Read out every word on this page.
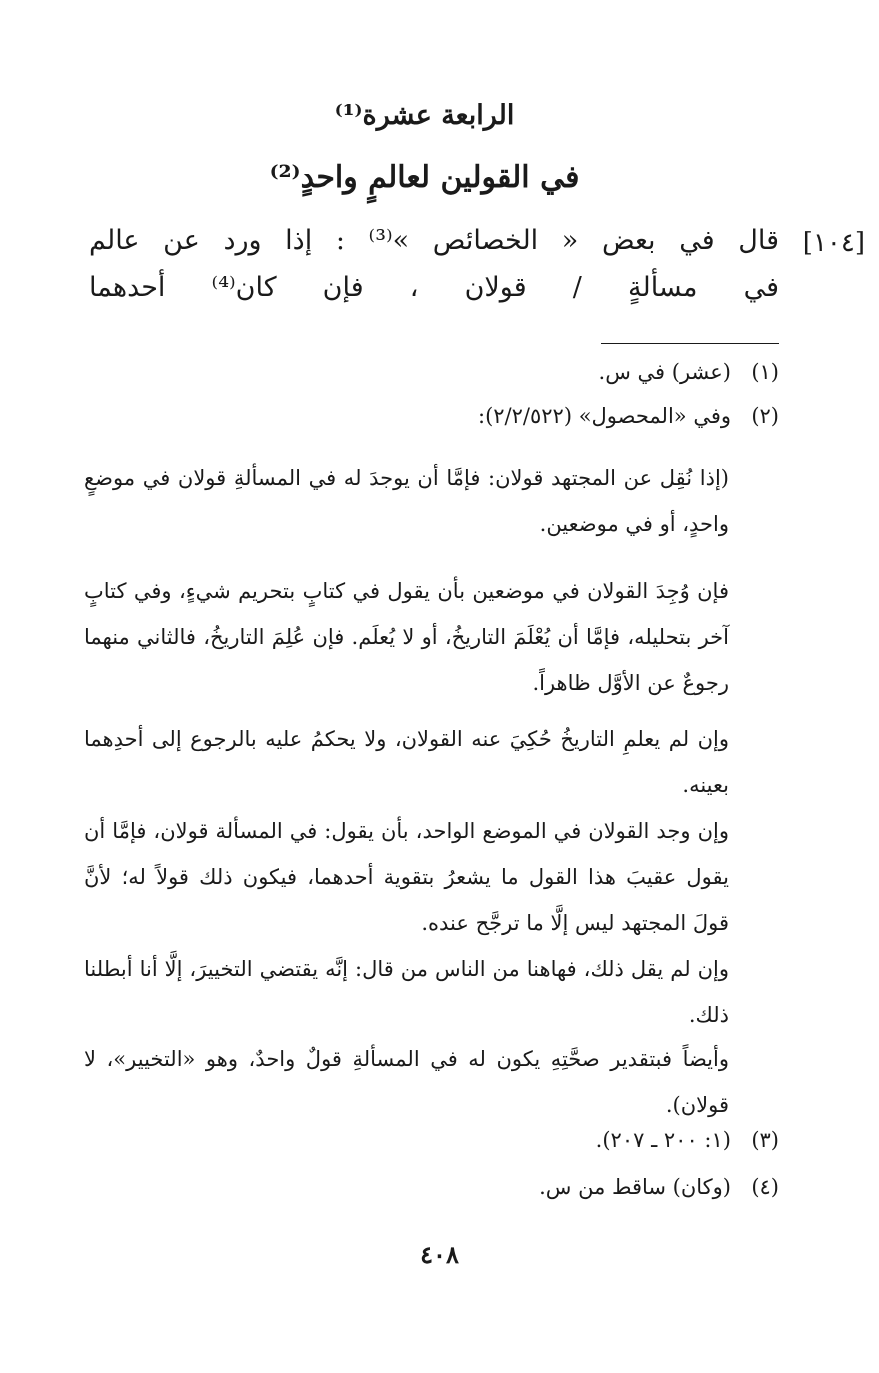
الرابعة عشرة⁽¹⁾
في القولين لعالمٍ واحدٍ⁽²⁾
[١٠٤]
قال في بعض « الخصائص »⁽³⁾ : إذا ورد عن عالم
في مسألةٍ / قولان ، فإن كان⁽⁴⁾ أحدهما
(١)(عشر) في س.
(٢)وفي «المحصول» (٢/٢/٥٢٢):
(إذا نُقِل عن المجتهد قولان: فإمَّا أن يوجدَ له في المسألةِ قولان في موضعٍ واحدٍ، أو في موضعين.
فإن وُجِدَ القولان في موضعين بأن يقول في كتابٍ بتحريم شيءٍ، وفي كتابٍ آخر بتحليله، فإمَّا أن يُعْلَمَ التاريخُ، أو لا يُعلَم. فإن عُلِمَ التاريخُ، فالثاني منهما رجوعٌ عن الأوَّل ظاهراً.
وإن لم يعلمِ التاريخُ حُكِيَ عنه القولان، ولا يحكمُ عليه بالرجوع إلى أحدِهما بعينه.
وإن وجد القولان في الموضع الواحد، بأن يقول: في المسألة قولان، فإمَّا أن يقول عقيبَ هذا القول ما يشعرُ بتقوية أحدهما، فيكون ذلك قولاً له؛ لأنَّ قولَ المجتهد ليس إلَّا ما ترجَّح عنده.
وإن لم يقل ذلك، فهاهنا من الناس من قال: إنَّه يقتضي التخييرَ، إلَّا أنا أبطلنا ذلك.
وأيضاً فبتقدير صحَّتِهِ يكون له في المسألةِ قولٌ واحدٌ، وهو «التخيير»، لا قولان).
(٣)(١: ٢٠٠ ـ ٢٠٧).
(٤)(وكان) ساقط من س.
٤٠٨
